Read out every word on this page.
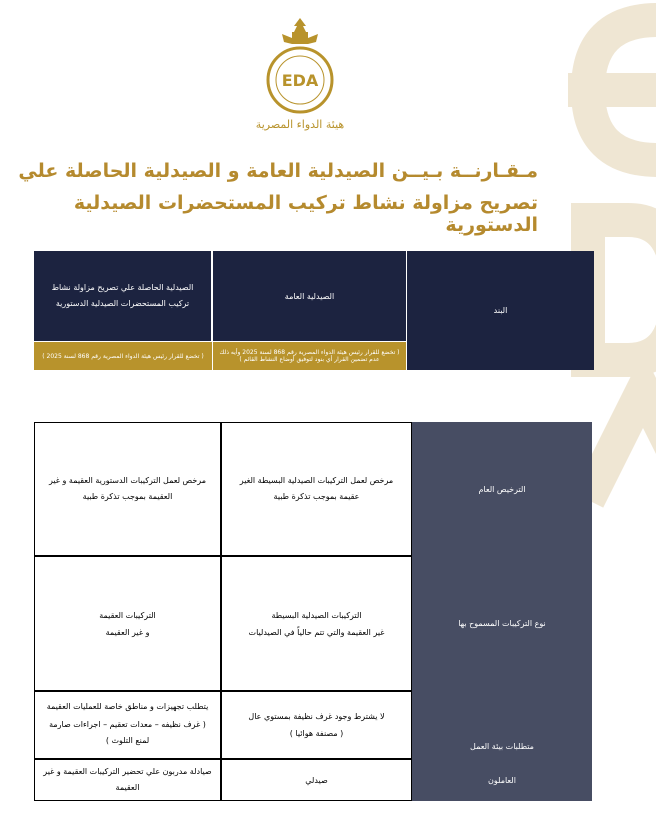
EDA
هيئة الدواء المصرية
مـقـارنــة بـيــن الصيدلية العامة و الصيدلية الحاصلة علي
تصريح مزاولة نشاط تركيب المستحضرات الصيدلية الدستورية
البند
الصيدلية العامة
الصيدلية الحاصلة علي تصريح مزاولة نشاط تركيب المستحضرات الصيدلية الدستورية
( تخضع للقرار رئيس هيئة الدواء المصرية رقم 868 لسنة 2025 وأيه ذلك عدم تضمين القرار أي بنود لتوفيق أوضاع النشاط القائم )
( تخضع للقرار رئيس هيئة الدواء المصرية رقم 868 لسنة 2025 )
الترخيص العام
مرخص لعمل التركيبات الصيدلية البسيطة الغير عقيمة بموجب تذكرة طبية
مرخص لعمل التركيبات الدستورية العقيمة و غير العقيمة بموجب تذكرة طبية
نوع التركيبات المسموح بها
التركيبات الصيدلية البسيطة
غير العقيمة والتي تتم حالياً في الصيدليات
التركيبات العقيمة
و غير العقيمة
متطلبات بيئة العمل
لا يشترط وجود غرف نظيفة بمستوي عال
( مصنفة هوائيا )
يتطلب تجهيزات و مناطق خاصة للعمليات العقيمة
( غرف نظيفه – معدات تعقيم – اجراءات صارمة لمنع التلوث )
العاملون
صيدلي
صيادلة مدربون علي تحضير التركيبات العقيمة و غير العقيمة
